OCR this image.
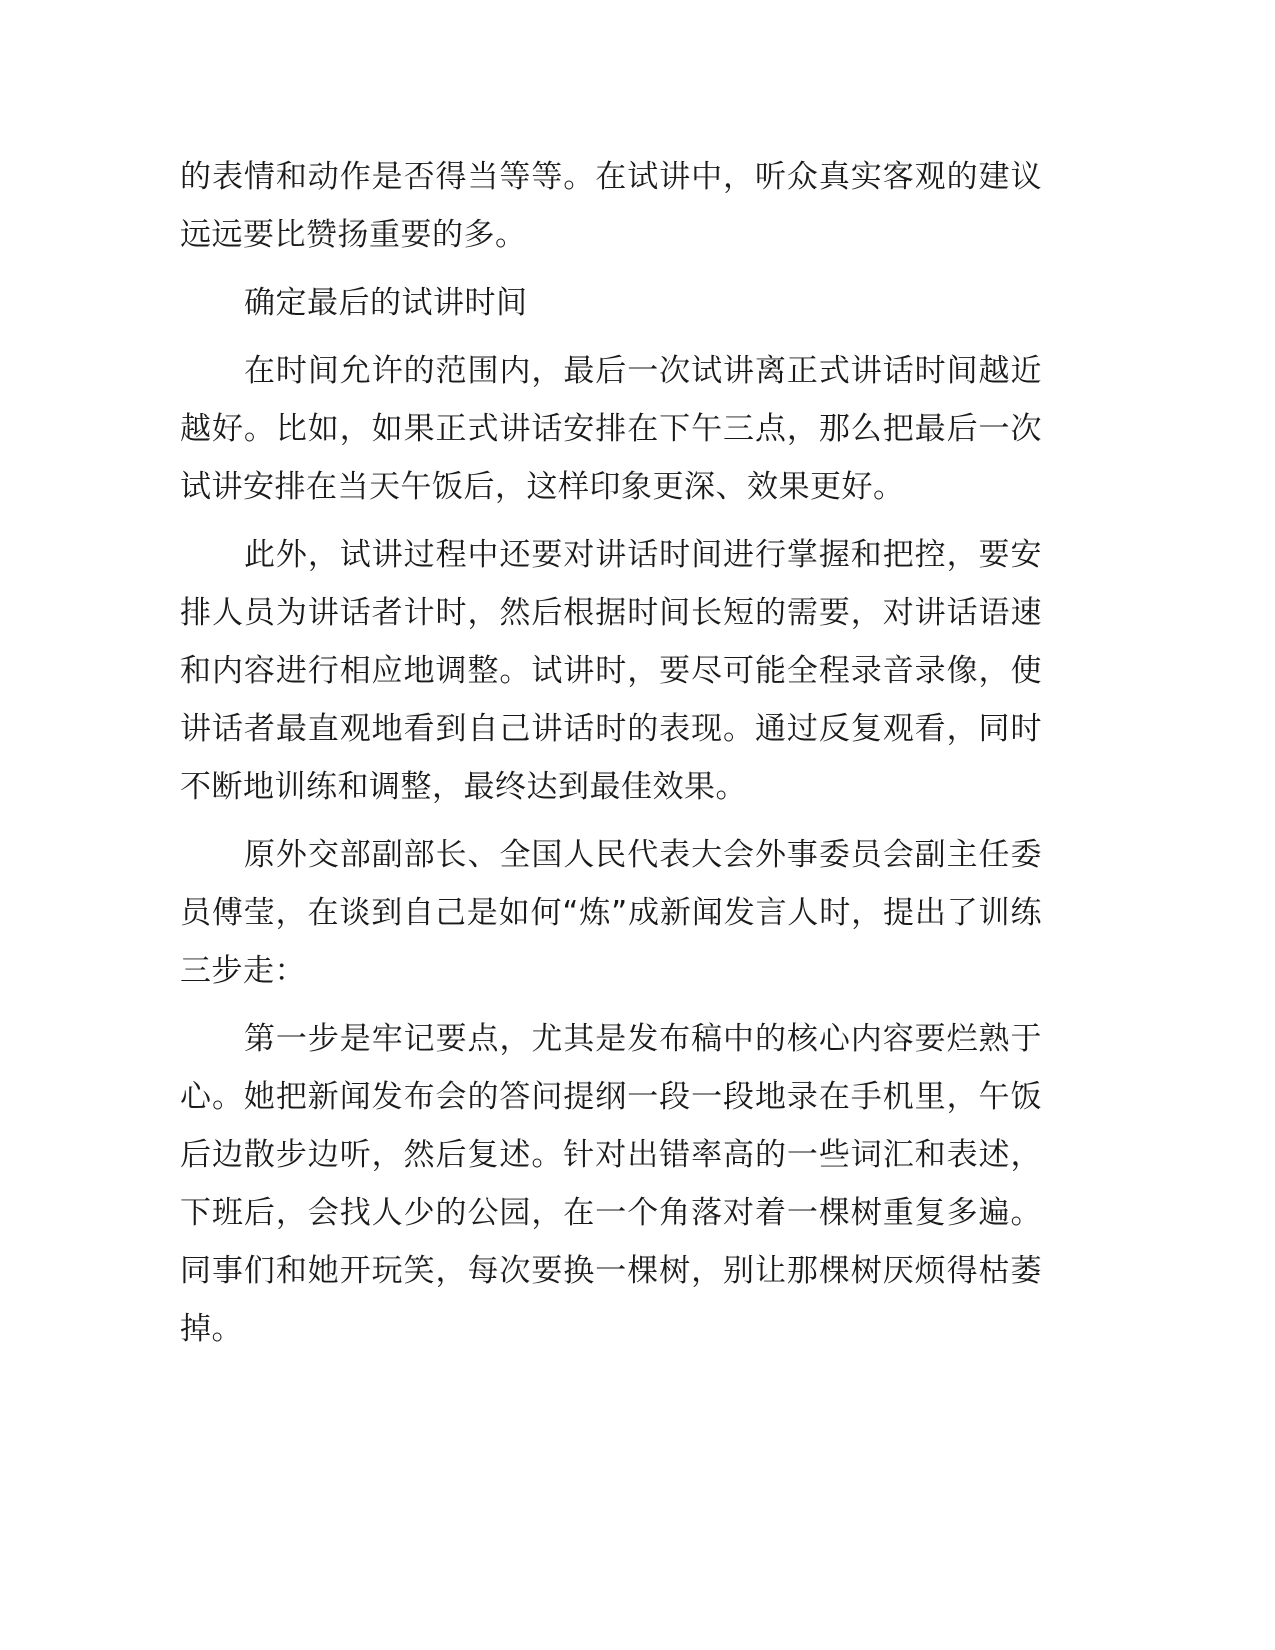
的表情和动作是否得当等等。在试讲中，听众真实客观的建议远远要比赞扬重要的多。

确定最后的试讲时间

在时间允许的范围内，最后一次试讲离正式讲话时间越近越好。比如，如果正式讲话安排在下午三点，那么把最后一次试讲安排在当天午饭后，这样印象更深、效果更好。

此外，试讲过程中还要对讲话时间进行掌握和把控，要安排人员为讲话者计时，然后根据时间长短的需要，对讲话语速和内容进行相应地调整。试讲时，要尽可能全程录音录像，使讲话者最直观地看到自己讲话时的表现。通过反复观看，同时不断地训练和调整，最终达到最佳效果。

原外交部副部长、全国人民代表大会外事委员会副主任委员傅莹，在谈到自己是如何“炼”成新闻发言人时，提出了训练三步走：

第一步是牢记要点，尤其是发布稿中的核心内容要烂熟于心。她把新闻发布会的答问提纲一段一段地录在手机里，午饭后边散步边听，然后复述。针对出错率高的一些词汇和表述，下班后，会找人少的公园，在一个角落对着一棵树重复多遍。同事们和她开玩笑，每次要换一棵树，别让那棵树厌烦得枯萎掉。
